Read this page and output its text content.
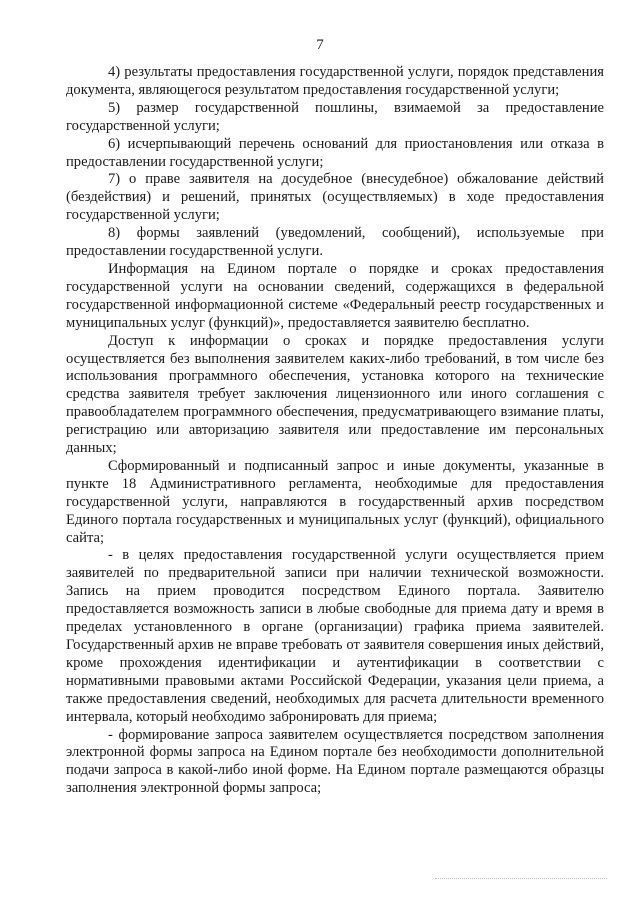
7

4) результаты предоставления государственной услуги, порядок представления документа, являющегося результатом предоставления государственной услуги;

5) размер государственной пошлины, взимаемой за предоставление государственной услуги;

6) исчерпывающий перечень оснований для приостановления или отказа в предоставлении государственной услуги;

7) о праве заявителя на досудебное (внесудебное) обжалование действий (бездействия) и решений, принятых (осуществляемых) в ходе предоставления государственной услуги;

8) формы заявлений (уведомлений, сообщений), используемые при предоставлении государственной услуги.

Информация на Едином портале о порядке и сроках предоставления государственной услуги на основании сведений, содержащихся в федеральной государственной информационной системе «Федеральный реестр государственных и муниципальных услуг (функций)», предоставляется заявителю бесплатно.

Доступ к информации о сроках и порядке предоставления услуги осуществляется без выполнения заявителем каких-либо требований, в том числе без использования программного обеспечения, установка которого на технические средства заявителя требует заключения лицензионного или иного соглашения с правообладателем программного обеспечения, предусматривающего взимание платы, регистрацию или авторизацию заявителя или предоставление им персональных данных;

Сформированный и подписанный запрос и иные документы, указанные в пункте 18 Административного регламента, необходимые для предоставления государственной услуги, направляются в государственный архив посредством Единого портала государственных и муниципальных услуг (функций), официального сайта;

- в целях предоставления государственной услуги осуществляется прием заявителей по предварительной записи при наличии технической возможности. Запись на прием проводится посредством Единого портала. Заявителю предоставляется возможность записи в любые свободные для приема дату и время в пределах установленного в органе (организации) графика приема заявителей. Государственный архив не вправе требовать от заявителя совершения иных действий, кроме прохождения идентификации и аутентификации в соответствии с нормативными правовыми актами Российской Федерации, указания цели приема, а также предоставления сведений, необходимых для расчета длительности временного интервала, который необходимо забронировать для приема;

- формирование запроса заявителем осуществляется посредством заполнения электронной формы запроса на Едином портале без необходимости дополнительной подачи запроса в какой-либо иной форме. На Едином портале размещаются образцы заполнения электронной формы запроса;
